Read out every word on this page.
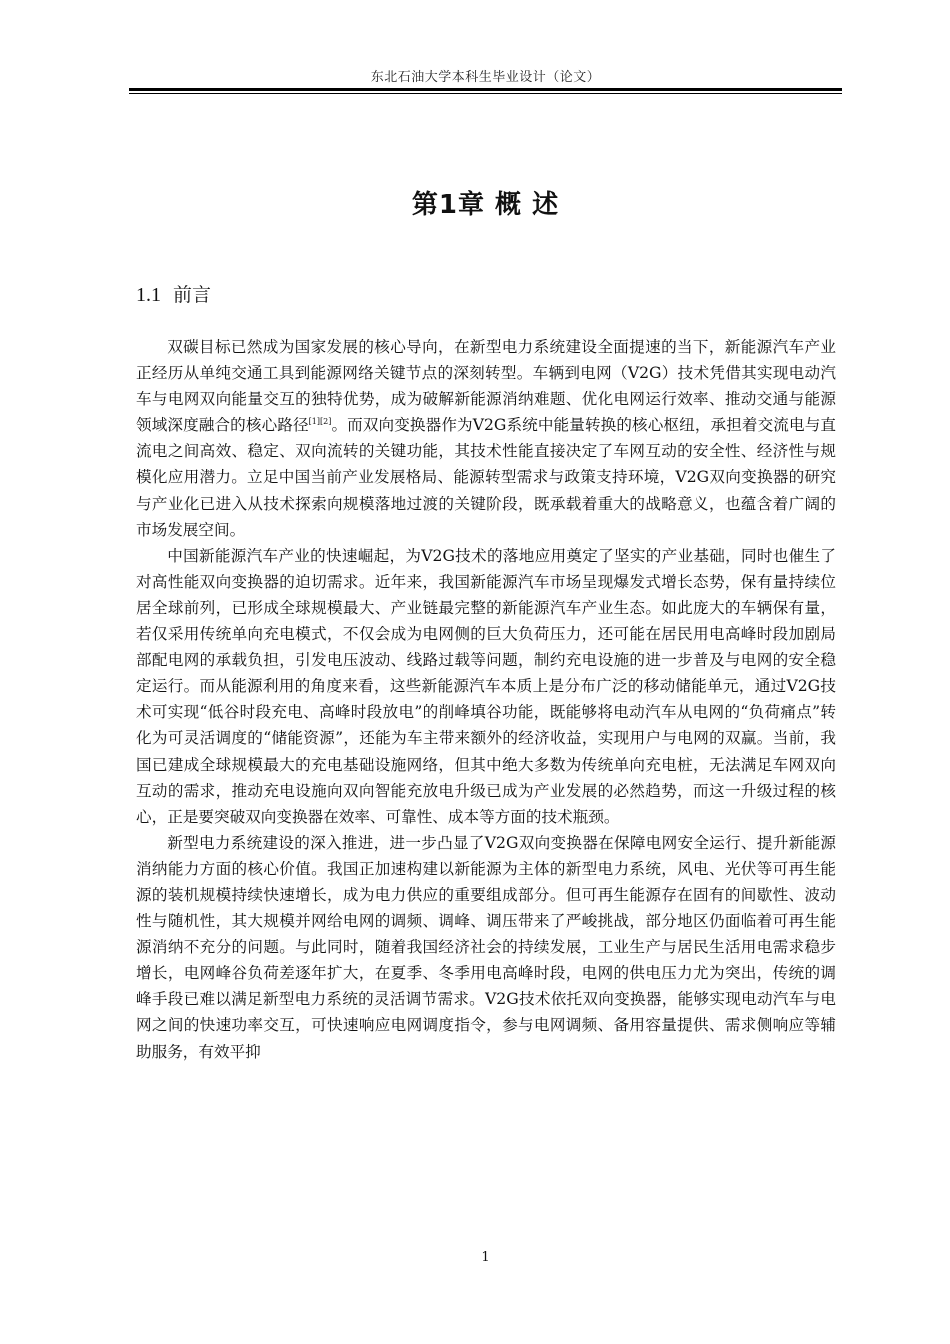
东北石油大学本科生毕业设计（论文）
第1章 概 述
1.1 前言

双碳目标已然成为国家发展的核心导向，在新型电力系统建设全面提速的当下，新能源汽车产业正经历从单纯交通工具到能源网络关键节点的深刻转型。车辆到电网（V2G）技术凭借其实现电动汽车与电网双向能量交互的独特优势，成为破解新能源消纳难题、优化电网运行效率、推动交通与能源领域深度融合的核心路径[1][2]。而双向变换器作为V2G系统中能量转换的核心枢纽，承担着交流电与直流电之间高效、稳定、双向流转的关键功能，其技术性能直接决定了车网互动的安全性、经济性与规模化应用潜力。立足中国当前产业发展格局、能源转型需求与政策支持环境，V2G双向变换器的研究与产业化已进入从技术探索向规模落地过渡的关键阶段，既承载着重大的战略意义，也蕴含着广阔的市场发展空间。

中国新能源汽车产业的快速崛起，为V2G技术的落地应用奠定了坚实的产业基础，同时也催生了对高性能双向变换器的迫切需求。近年来，我国新能源汽车市场呈现爆发式增长态势，保有量持续位居全球前列，已形成全球规模最大、产业链最完整的新能源汽车产业生态。如此庞大的车辆保有量，若仅采用传统单向充电模式，不仅会成为电网侧的巨大负荷压力，还可能在居民用电高峰时段加剧局部配电网的承载负担，引发电压波动、线路过载等问题，制约充电设施的进一步普及与电网的安全稳定运行。而从能源利用的角度来看，这些新能源汽车本质上是分布广泛的移动储能单元，通过V2G技术可实现“低谷时段充电、高峰时段放电”的削峰填谷功能，既能够将电动汽车从电网的“负荷痛点”转化为可灵活调度的“储能资源”，还能为车主带来额外的经济收益，实现用户与电网的双赢。当前，我国已建成全球规模最大的充电基础设施网络，但其中绝大多数为传统单向充电桩，无法满足车网双向互动的需求，推动充电设施向双向智能充放电升级已成为产业发展的必然趋势，而这一升级过程的核心，正是要突破双向变换器在效率、可靠性、成本等方面的技术瓶颈。

新型电力系统建设的深入推进，进一步凸显了V2G双向变换器在保障电网安全运行、提升新能源消纳能力方面的核心价值。我国正加速构建以新能源为主体的新型电力系统，风电、光伏等可再生能源的装机规模持续快速增长，成为电力供应的重要组成部分。但可再生能源存在固有的间歇性、波动性与随机性，其大规模并网给电网的调频、调峰、调压带来了严峻挑战，部分地区仍面临着可再生能源消纳不充分的问题。与此同时，随着我国经济社会的持续发展，工业生产与居民生活用电需求稳步增长，电网峰谷负荷差逐年扩大，在夏季、冬季用电高峰时段，电网的供电压力尤为突出，传统的调峰手段已难以满足新型电力系统的灵活调节需求。V2G技术依托双向变换器，能够实现电动汽车与电网之间的快速功率交互，可快速响应电网调度指令，参与电网调频、备用容量提供、需求侧响应等辅助服务，有效平抑

1
